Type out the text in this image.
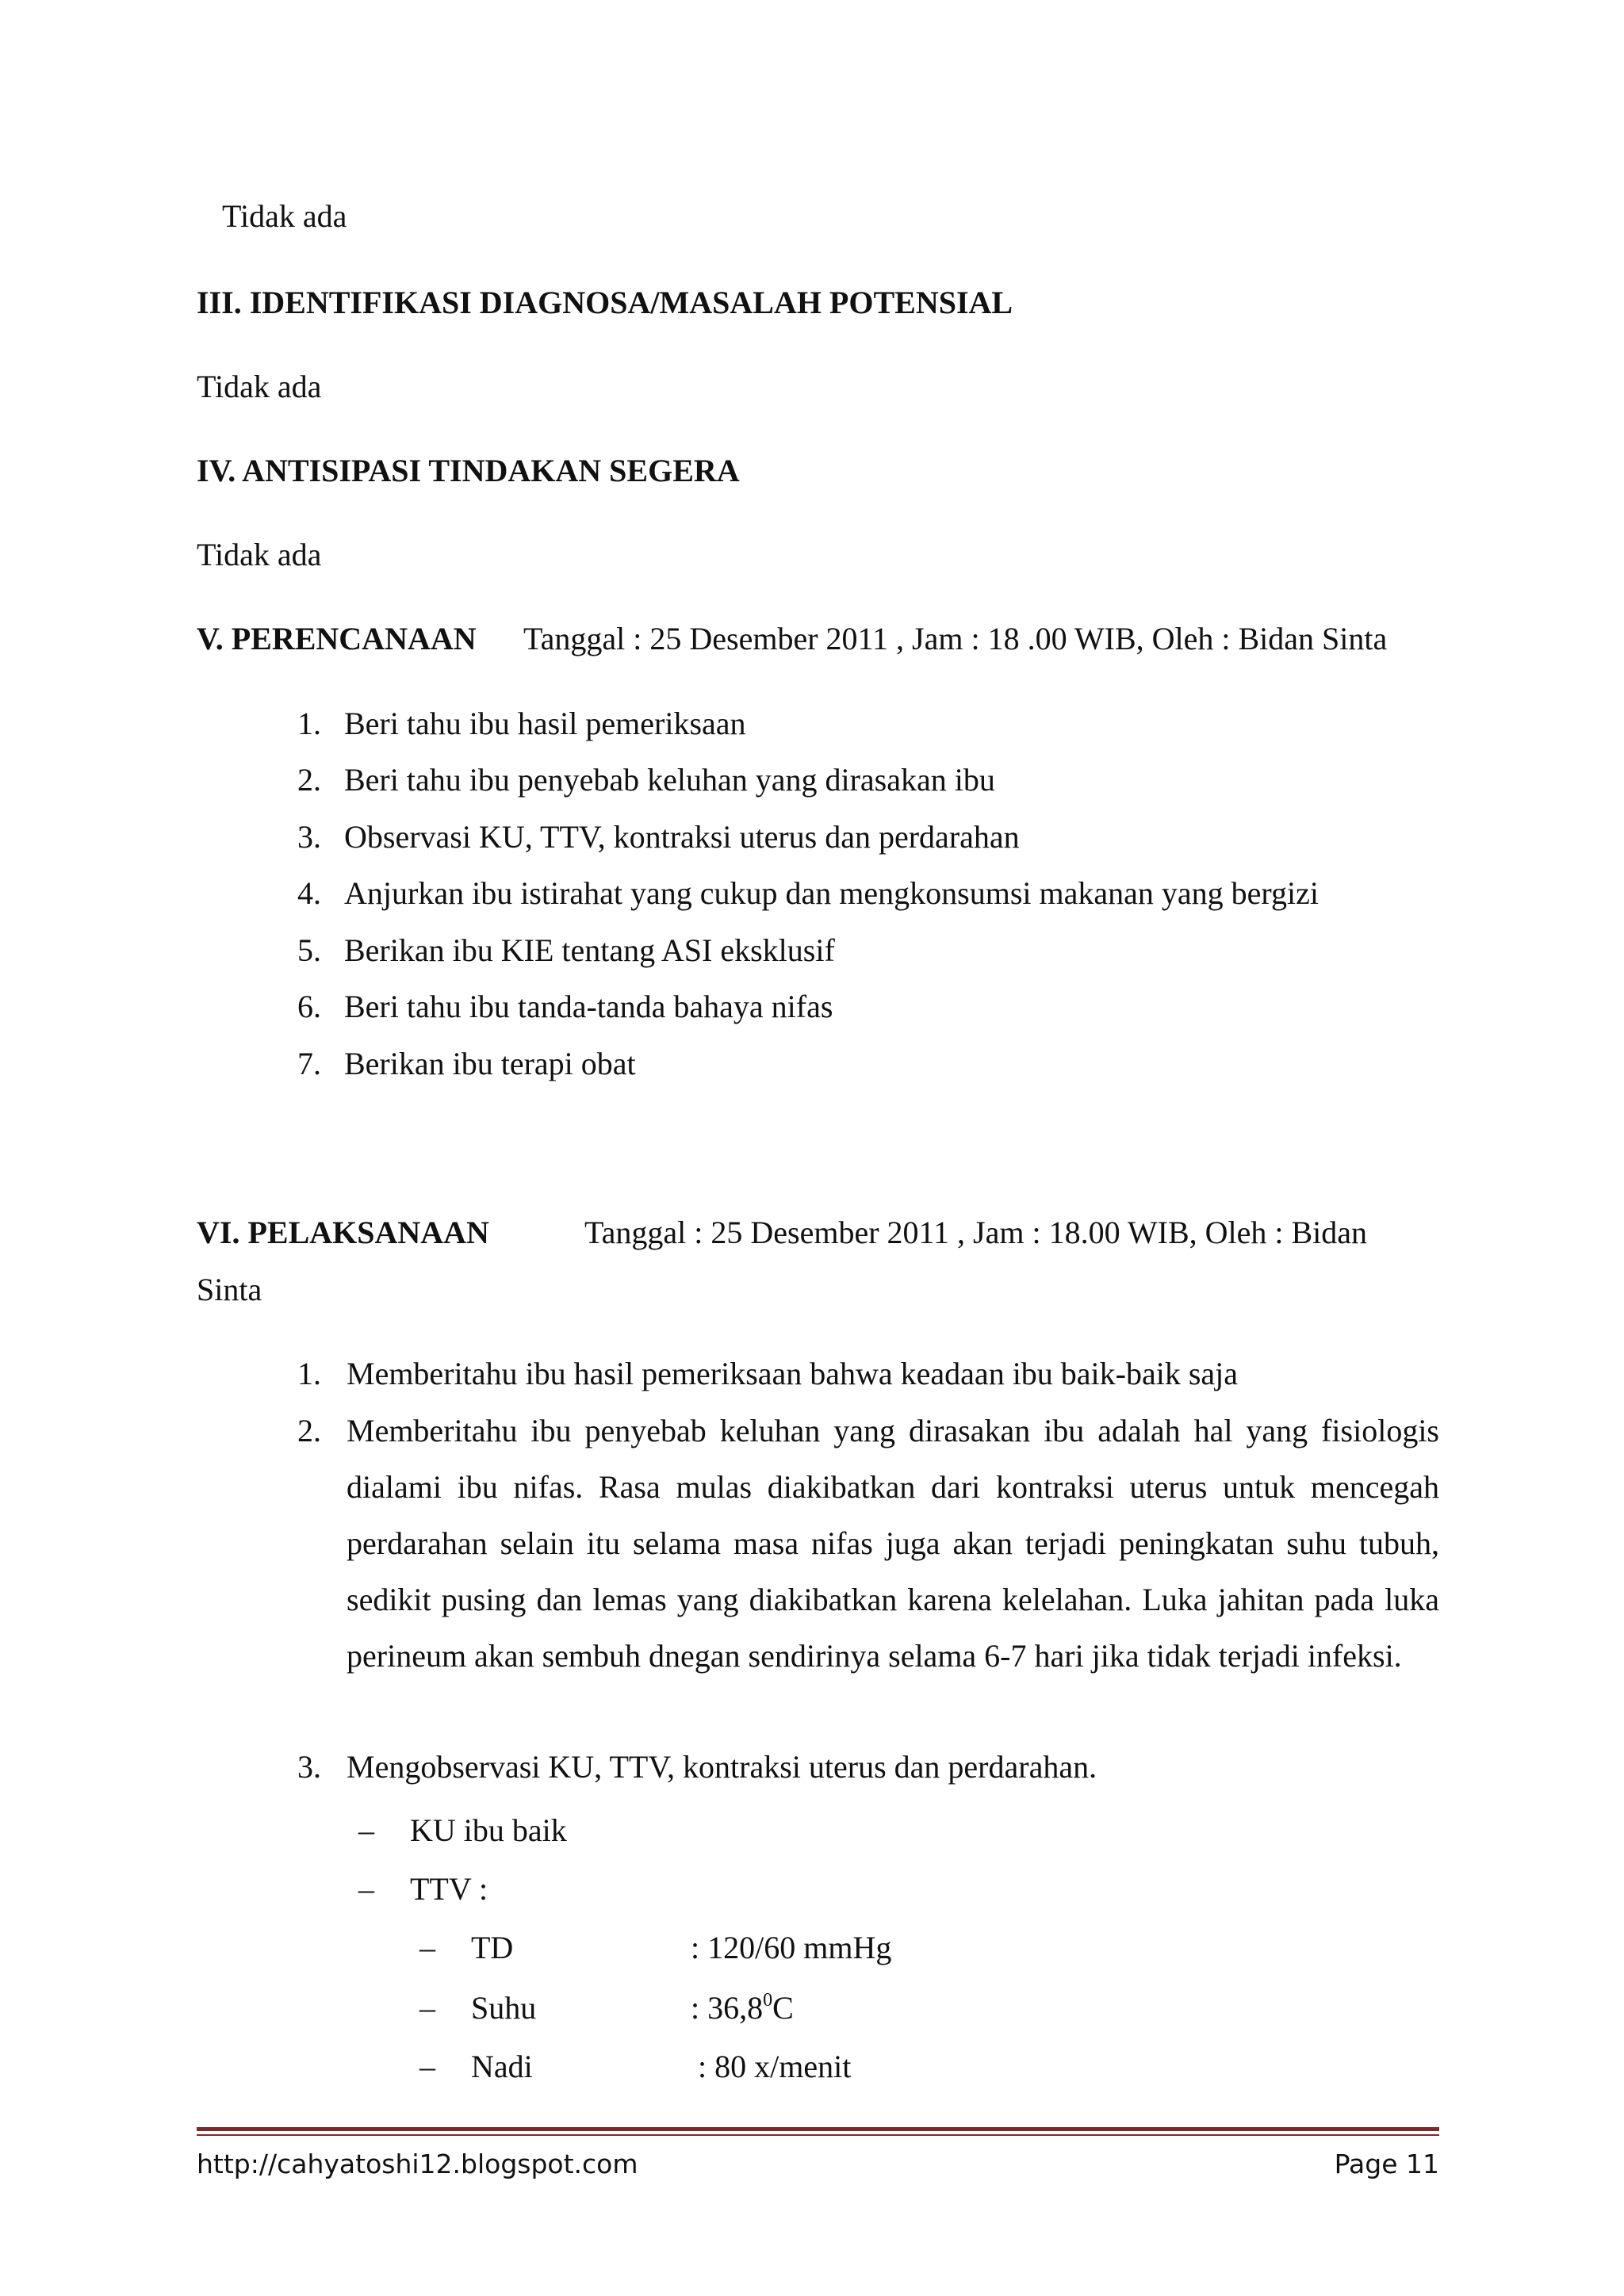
Tidak ada
III. IDENTIFIKASI DIAGNOSA/MASALAH POTENSIAL
Tidak ada
IV. ANTISIPASI TINDAKAN SEGERA
Tidak ada
V. PERENCANAAN Tanggal : 25 Desember 2011 , Jam : 18 .00 WIB, Oleh : Bidan Sinta
1. Beri tahu ibu hasil pemeriksaan
2. Beri tahu ibu penyebab keluhan yang dirasakan ibu
3. Observasi KU, TTV, kontraksi uterus dan perdarahan
4. Anjurkan ibu istirahat yang cukup dan mengkonsumsi makanan yang bergizi
5. Berikan ibu KIE tentang ASI eksklusif
6. Beri tahu ibu tanda-tanda bahaya nifas
7. Berikan ibu terapi obat
VI. PELAKSANAAN	Tanggal : 25 Desember 2011 , Jam : 18.00 WIB, Oleh : Bidan
Sinta
1. Memberitahu ibu hasil pemeriksaan bahwa keadaan ibu baik-baik saja
2. Memberitahu ibu penyebab keluhan yang dirasakan ibu adalah hal yang fisiologis dialami ibu nifas. Rasa mulas diakibatkan dari kontraksi uterus untuk mencegah perdarahan selain itu selama masa nifas juga akan terjadi peningkatan suhu tubuh, sedikit pusing dan lemas yang diakibatkan karena kelelahan. Luka jahitan pada luka perineum akan sembuh dnegan sendirinya selama 6-7 hari jika tidak terjadi infeksi.
3. Mengobservasi KU, TTV, kontraksi uterus dan perdarahan.
– KU ibu baik
– TTV :
– TD	: 120/60 mmHg
– Suhu	: 36,8$^0$C
– Nadi	: 80 x/menit
http://cahyatoshi12.blogspot.com	Page 11
